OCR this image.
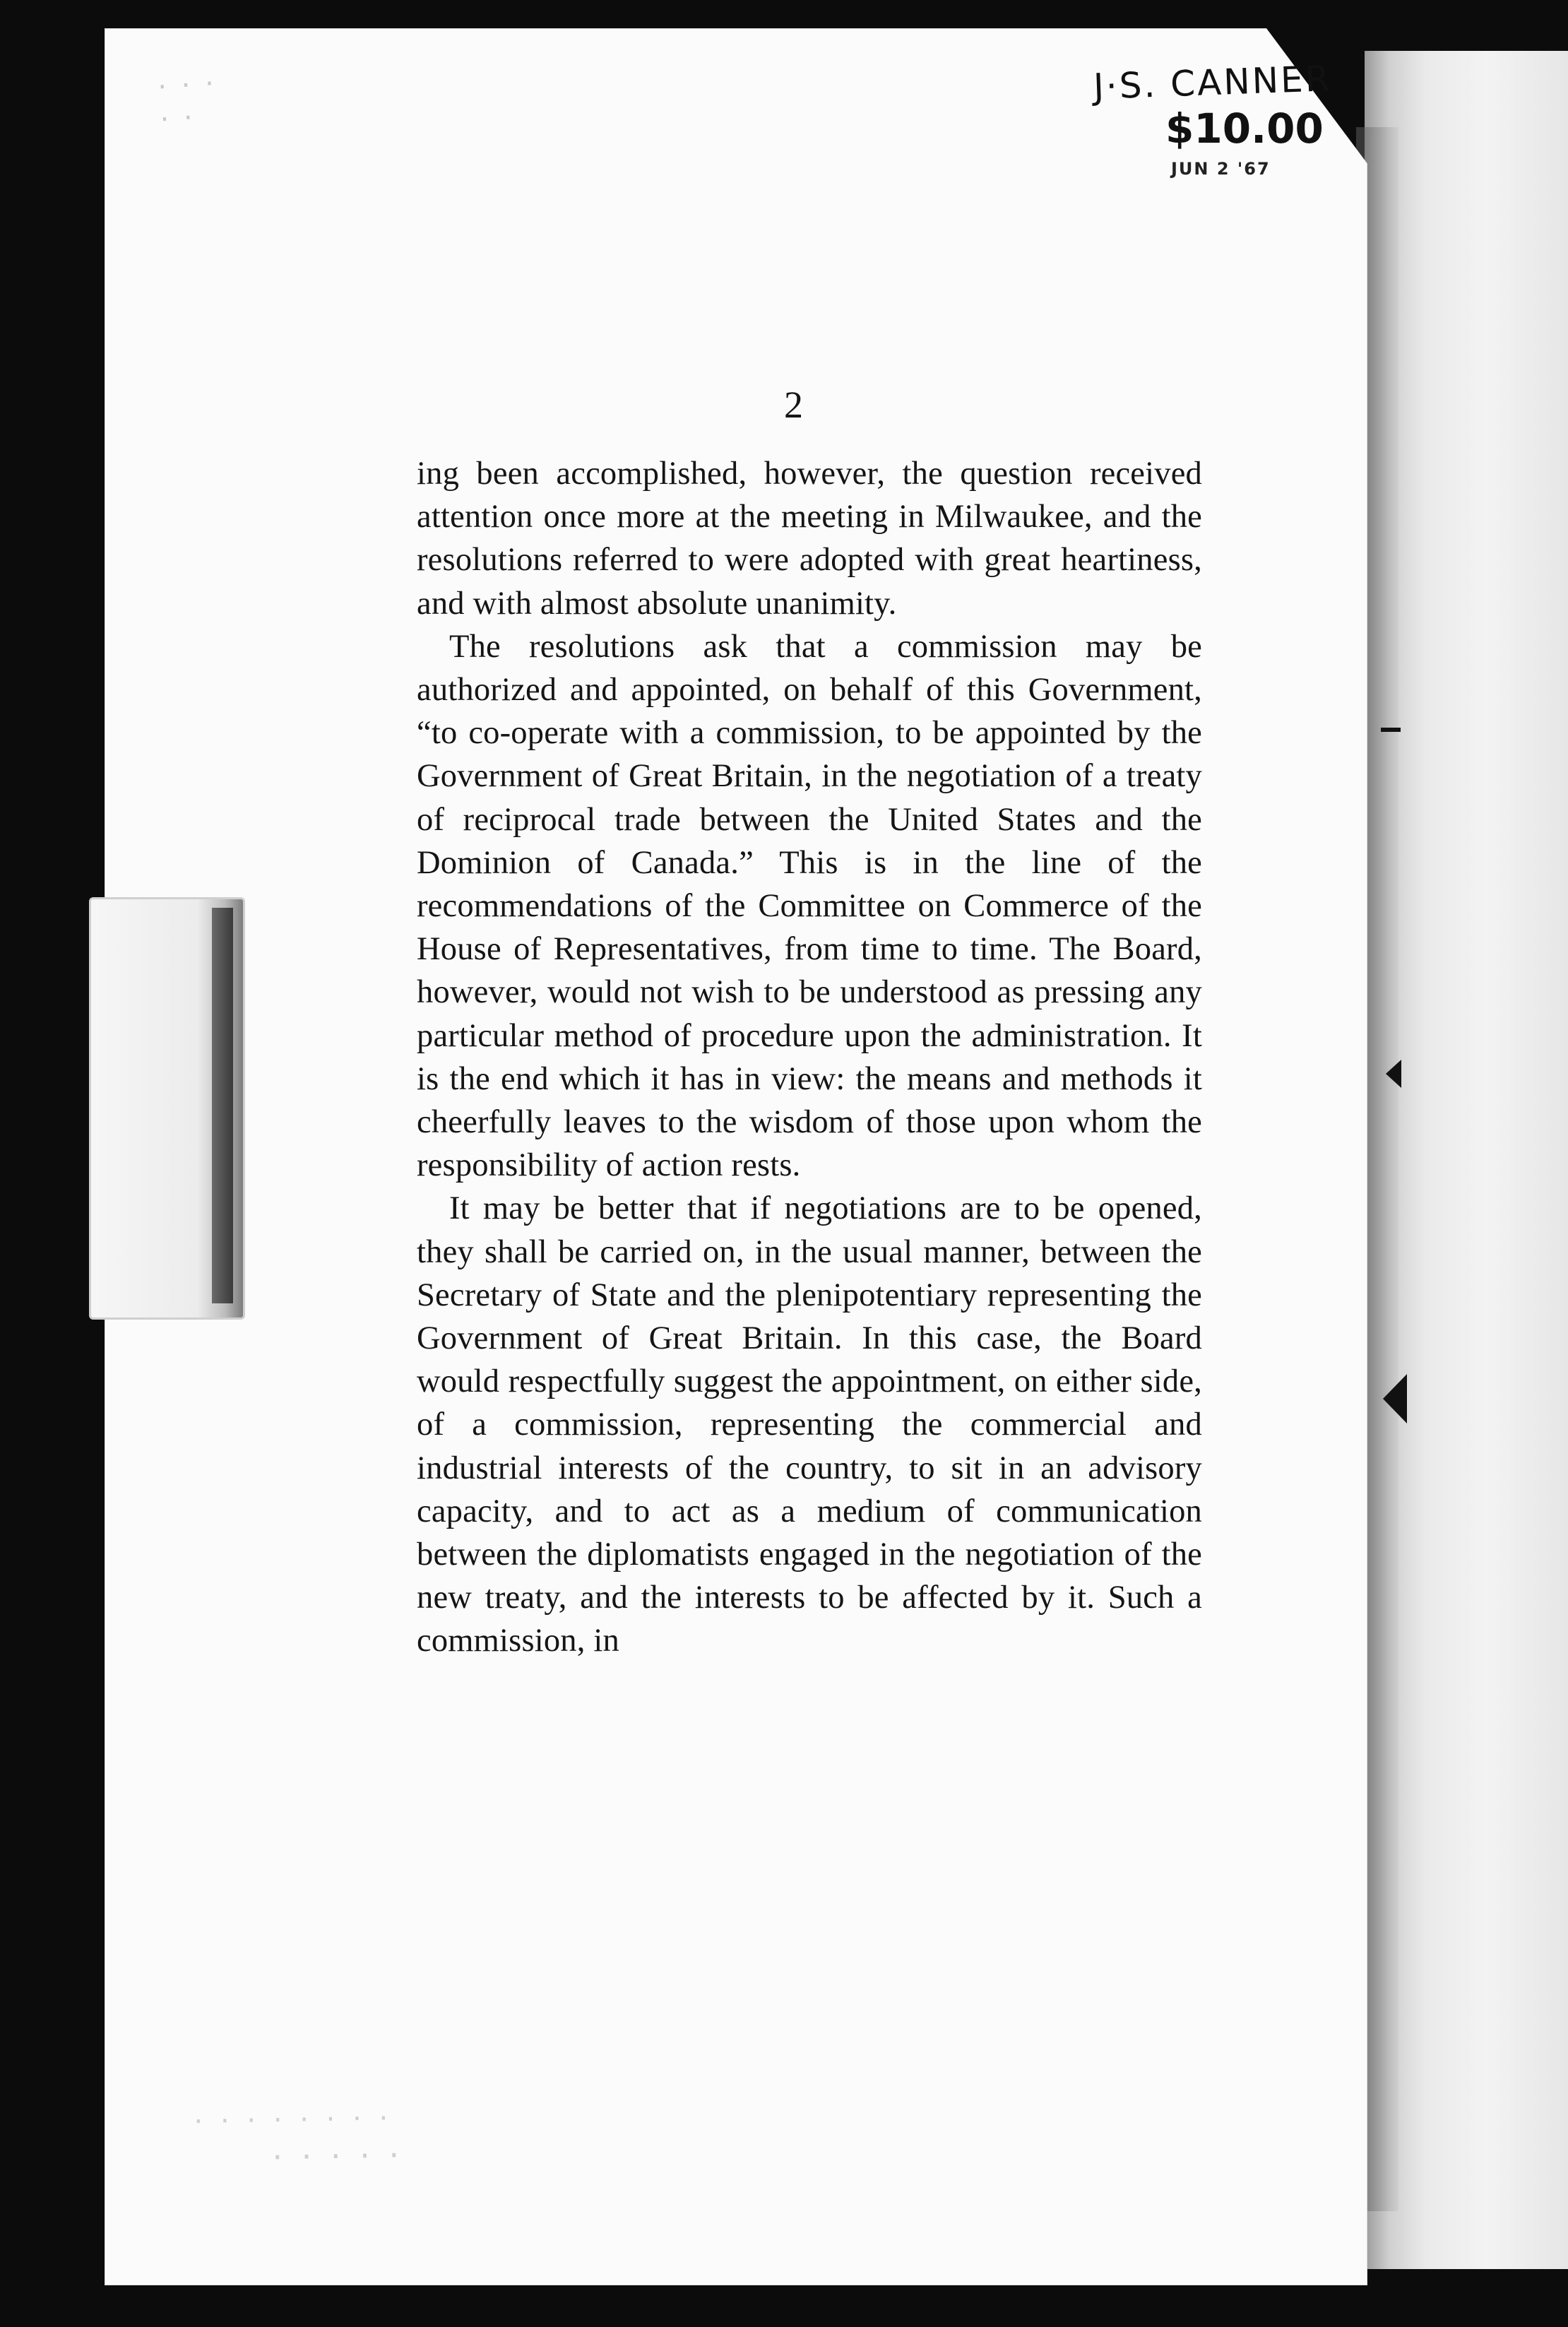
· · ·
· ·
J·S. CANNER
$10.00
JUN 2 '67
2

ing been accomplished, however, the question received attention once more at the meeting in Milwaukee, and the resolutions referred to were adopted with great heartiness, and with almost absolute unanimity.

The resolutions ask that a commission may be authorized and appointed, on behalf of this Government, “to co-operate with a commission, to be appointed by the Government of Great Britain, in the negotiation of a treaty of reciprocal trade between the United States and the Dominion of Canada.” This is in the line of the recommendations of the Committee on Commerce of the House of Representatives, from time to time. The Board, however, would not wish to be understood as pressing any particular method of procedure upon the administration. It is the end which it has in view: the means and methods it cheerfully leaves to the wisdom of those upon whom the responsibility of action rests.

It may be better that if negotiations are to be opened, they shall be carried on, in the usual manner, between the Secretary of State and the plenipotentiary representing the Government of Great Britain. In this case, the Board would respectfully suggest the appointment, on either side, of a commission, representing the commercial and industrial interests of the country, to sit in an advisory capacity, and to act as a medium of communication between the diplomatists engaged in the negotiation of the new treaty, and the interests to be affected by it. Such a commission, in

· · · · · · · ·
· · · · ·
